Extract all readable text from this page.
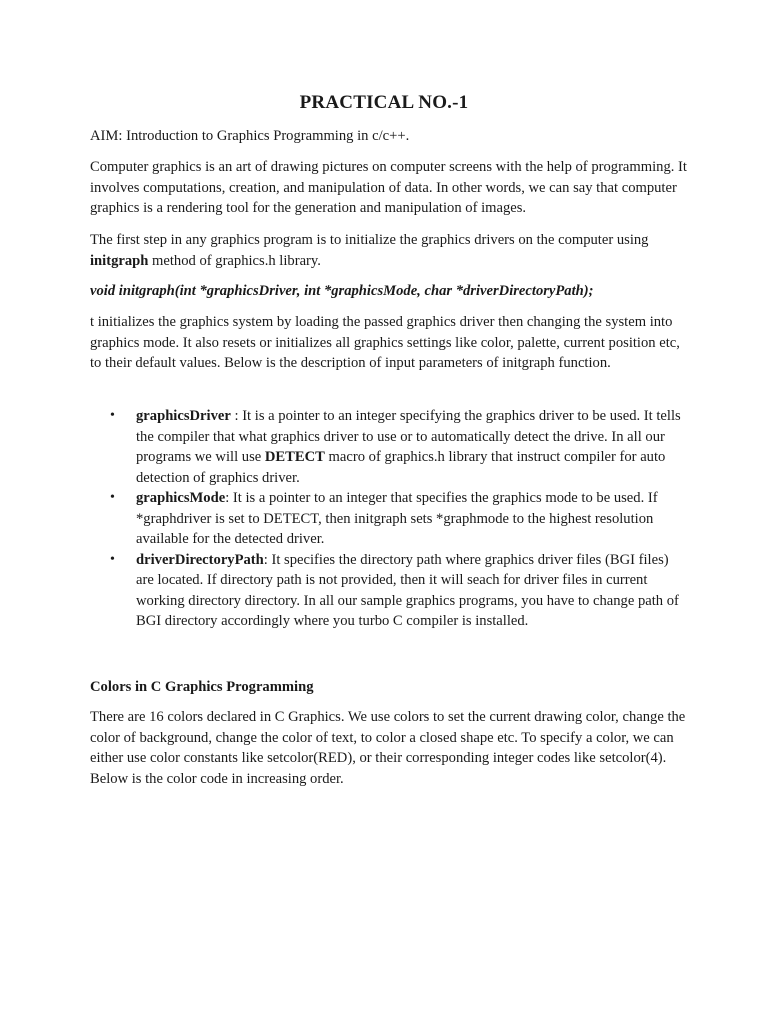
PRACTICAL NO.-1
AIM: Introduction to Graphics Programming in c/c++.
Computer graphics is an art of drawing pictures on computer screens with the help of programming. It involves computations, creation, and manipulation of data. In other words, we can say that computer graphics is a rendering tool for the generation and manipulation of images.
The first step in any graphics program is to initialize the graphics drivers on the computer using initgraph method of graphics.h library.
void initgraph(int *graphicsDriver, int *graphicsMode, char *driverDirectoryPath);
t initializes the graphics system by loading the passed graphics driver then changing the system into graphics mode. It also resets or initializes all graphics settings like color, palette, current position etc, to their default values. Below is the description of input parameters of initgraph function.
• graphicsDriver : It is a pointer to an integer specifying the graphics driver to be used. It tells the compiler that what graphics driver to use or to automatically detect the drive. In all our programs we will use DETECT macro of graphics.h library that instruct compiler for auto detection of graphics driver.
• graphicsMode: It is a pointer to an integer that specifies the graphics mode to be used. If *graphdriver is set to DETECT, then initgraph sets *graphmode to the highest resolution available for the detected driver.
• driverDirectoryPath: It specifies the directory path where graphics driver files (BGI files) are located. If directory path is not provided, then it will seach for driver files in current working directory directory. In all our sample graphics programs, you have to change path of BGI directory accordingly where you turbo C compiler is installed.
Colors in C Graphics Programming
There are 16 colors declared in C Graphics. We use colors to set the current drawing color, change the color of background, change the color of text, to color a closed shape etc. To specify a color, we can either use color constants like setcolor(RED), or their corresponding integer codes like setcolor(4). Below is the color code in increasing order.
